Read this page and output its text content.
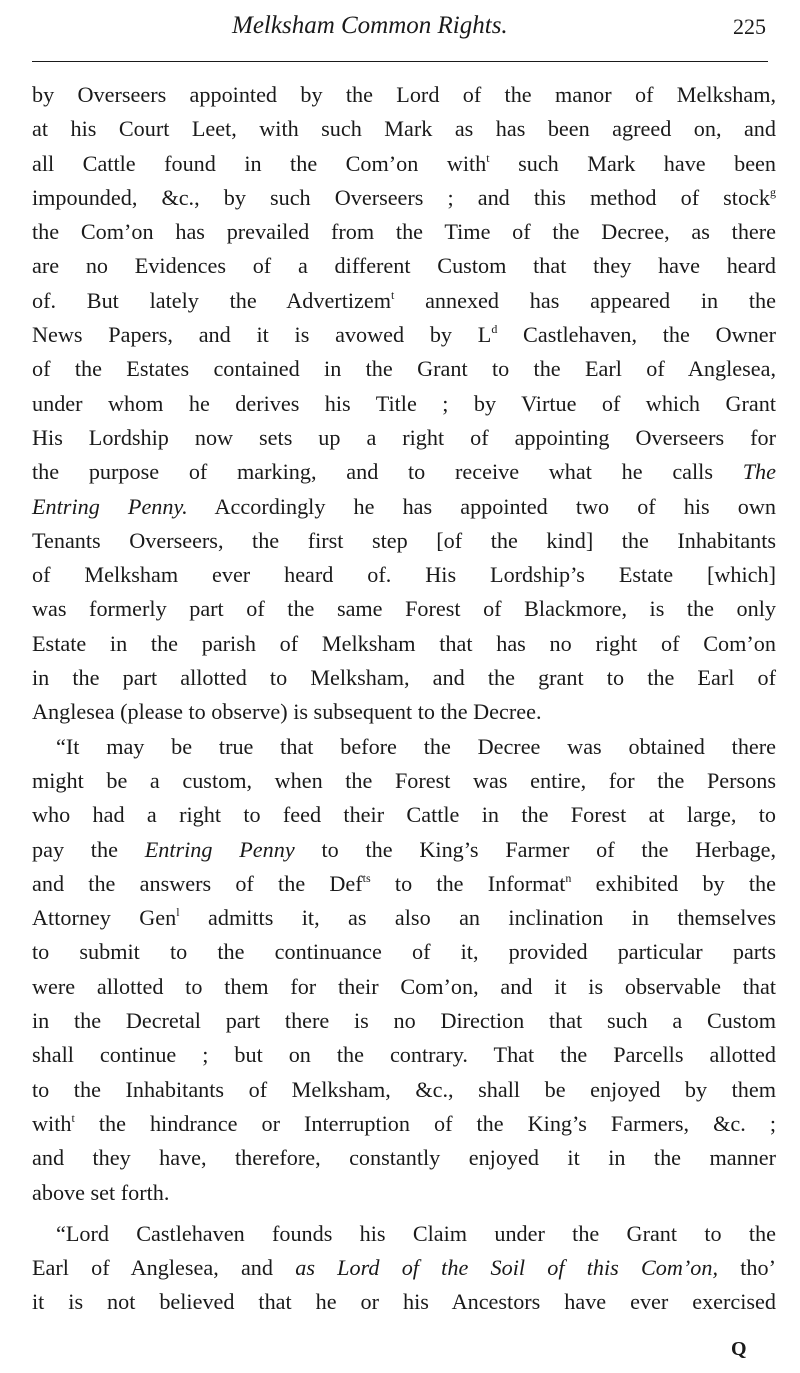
Melksham Common Rights.	225
by Overseers appointed by the Lord of the manor of Melksham,
at his Court Leet, with such Mark as has been agreed on, and
all Cattle found in the Com’on with$^t$ such Mark have been
impounded, &c., by such Overseers ; and this method of stock$^g$
the Com’on has prevailed from the Time of the Decree, as there
are no Evidences of a different Custom that they have heard
of. But lately the Advertizem$^t$ annexed has appeared in the
News Papers, and it is avowed by $L^d$ Castlehaven, the Owner
of the Estates contained in the Grant to the Earl of Anglesea,
under whom he derives his Title ; by Virtue of which Grant
His Lordship now sets up a right of appointing Overseers for
the purpose of marking, and to receive what he calls The
Entring Penny. Accordingly he has appointed two of his own
Tenants Overseers, the first step [of the kind] the Inhabitants
of Melksham ever heard of. His Lordship’s Estate [which]
was formerly part of the same Forest of Blackmore, is the only
Estate in the parish of Melksham that has no right of Com’on
in the part allotted to Melksham, and the grant to the Earl of
Anglesea (please to observe) is subsequent to the Decree.
“It may be true that before the Decree was obtained there
might be a custom, when the Forest was entire, for the Persons
who had a right to feed their Cattle in the Forest at large, to
pay the Entring Penny to the King’s Farmer of the Herbage,
and the answers of the Def$^{ts}$ to the Informat$^n$ exhibited by the
Attorney Gen$^l$ admitts it, as also an inclination in themselves
to submit to the continuance of it, provided particular parts
were allotted to them for their Com’on, and it is observable that
in the Decretal part there is no Direction that such a Custom
shall continue ; but on the contrary. That the Parcells allotted
to the Inhabitants of Melksham, &c., shall be enjoyed by them
with$^t$ the hindrance or Interruption of the King’s Farmers, &c. ;
and they have, therefore, constantly enjoyed it in the manner
above set forth.
“Lord Castlehaven founds his Claim under the Grant to the
Earl of Anglesea, and as Lord of the Soil of this Com’on, tho’
it is not believed that he or his Ancestors have ever exercised
Q
